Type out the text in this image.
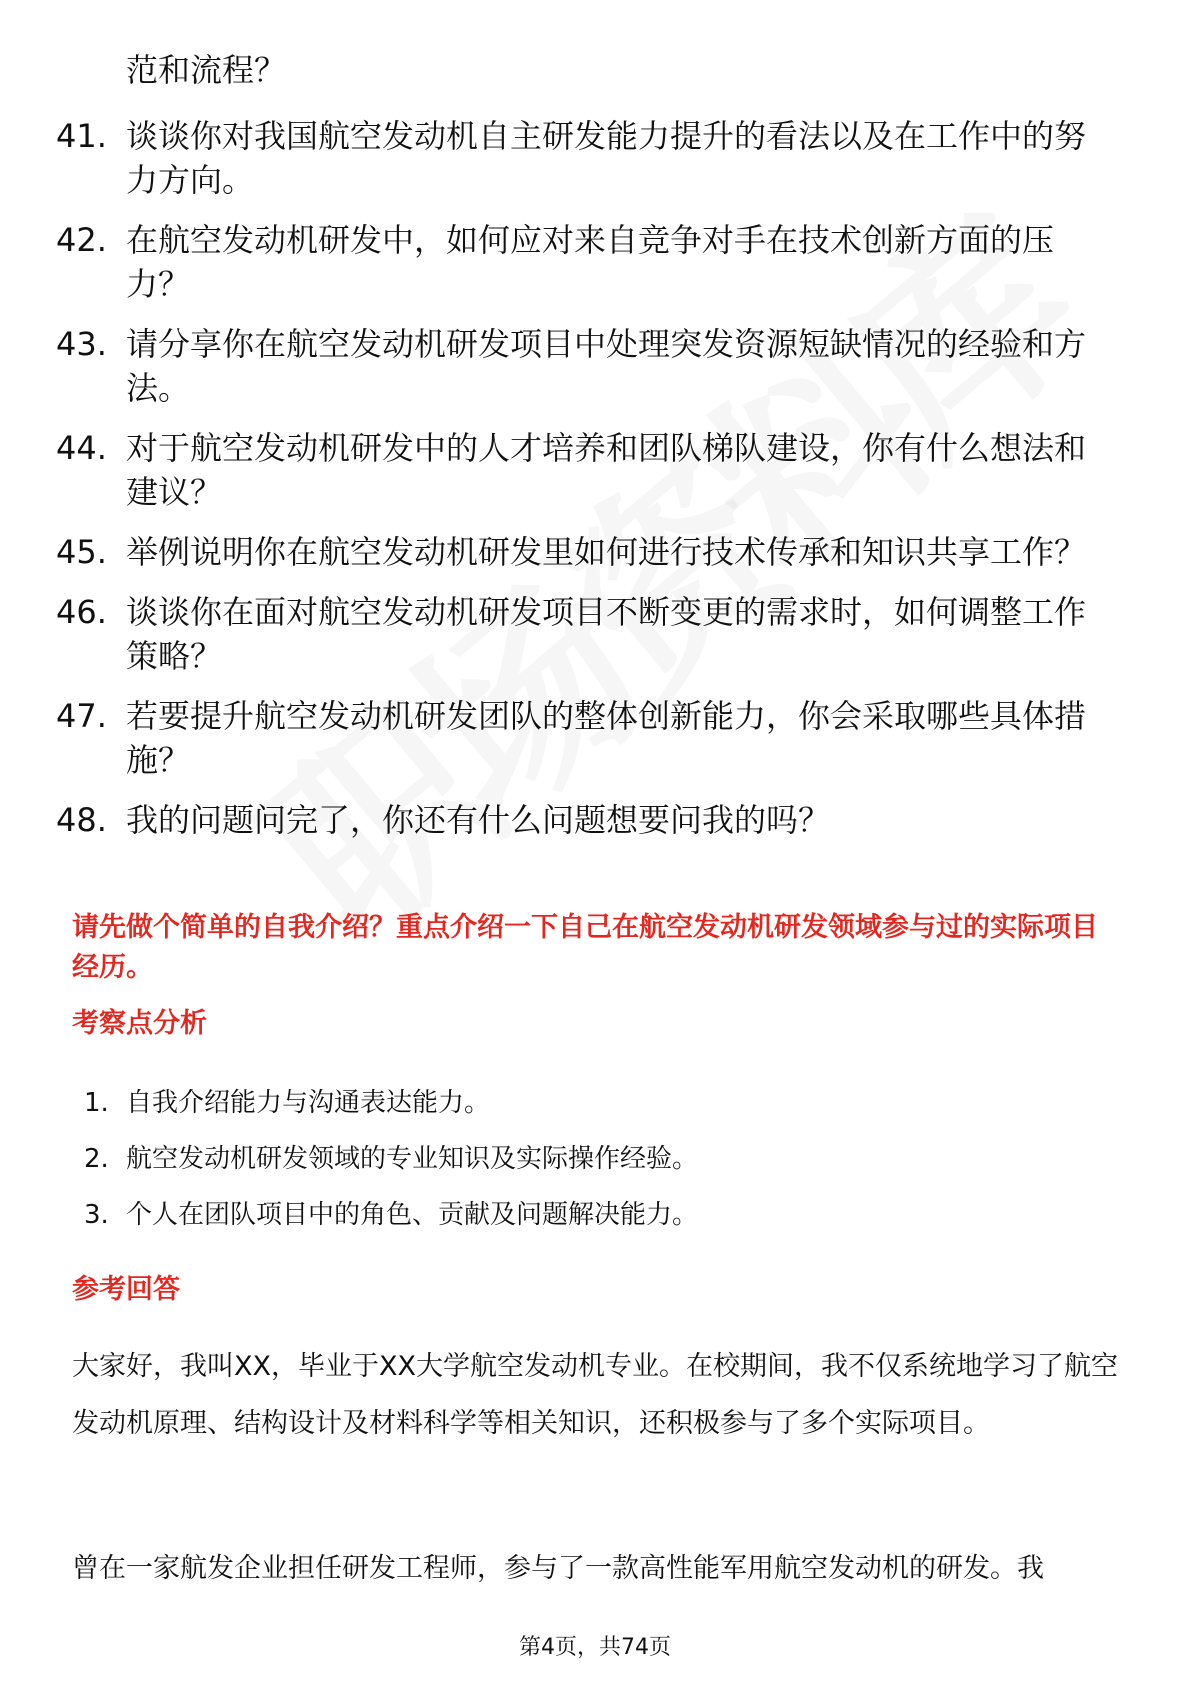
范和流程？
41. 谈谈你对我国航空发动机自主研发能力提升的看法以及在工作中的努力方向。
42. 在航空发动机研发中，如何应对来自竞争对手在技术创新方面的压力？
43. 请分享你在航空发动机研发项目中处理突发资源短缺情况的经验和方法。
44. 对于航空发动机研发中的人才培养和团队梯队建设，你有什么想法和建议？
45. 举例说明你在航空发动机研发里如何进行技术传承和知识共享工作？
46. 谈谈你在面对航空发动机研发项目不断变更的需求时，如何调整工作策略？
47. 若要提升航空发动机研发团队的整体创新能力，你会采取哪些具体措施？
48. 我的问题问完了，你还有什么问题想要问我的吗？
请先做个简单的自我介绍？重点介绍一下自己在航空发动机研发领域参与过的实际项目经历。
考察点分析
1. 自我介绍能力与沟通表达能力。
2. 航空发动机研发领域的专业知识及实际操作经验。
3. 个人在团队项目中的角色、贡献及问题解决能力。
参考回答
大家好，我叫XX，毕业于XX大学航空发动机专业。在校期间，我不仅系统地学习了航空发动机原理、结构设计及材料科学等相关知识，还积极参与了多个实际项目。
曾在一家航发企业担任研发工程师，参与了一款高性能军用航空发动机的研发。我
第4页，共74页
